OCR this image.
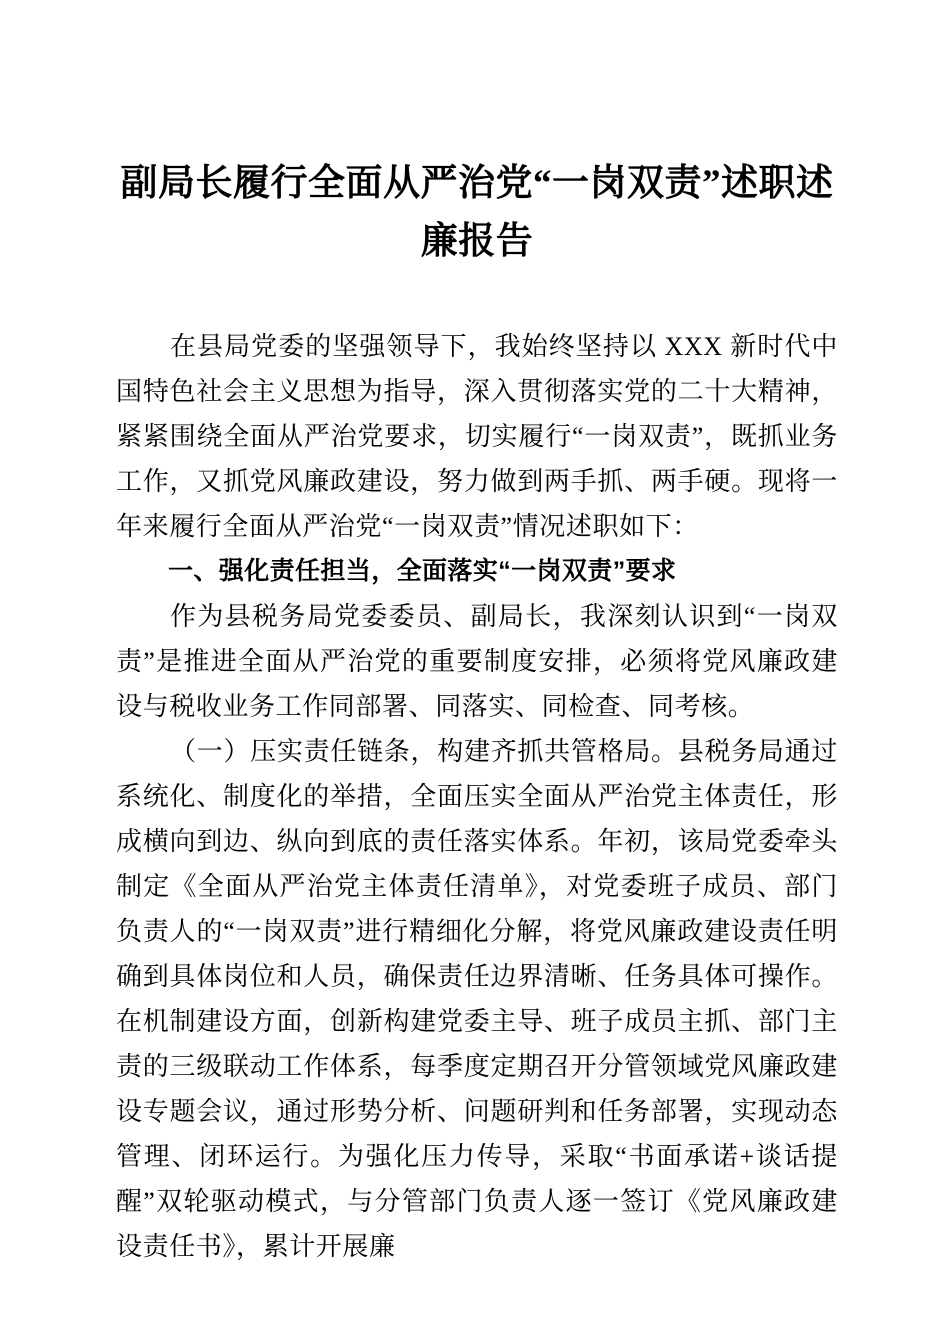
副局长履行全面从严治党“一岗双责”述职述廉报告

在县局党委的坚强领导下，我始终坚持以 XXX 新时代中国特色社会主义思想为指导，深入贯彻落实党的二十大精神，紧紧围绕全面从严治党要求，切实履行“一岗双责”，既抓业务工作，又抓党风廉政建设，努力做到两手抓、两手硬。现将一年来履行全面从严治党“一岗双责”情况述职如下：

一、强化责任担当，全面落实“一岗双责”要求

作为县税务局党委委员、副局长，我深刻认识到“一岗双责”是推进全面从严治党的重要制度安排，必须将党风廉政建设与税收业务工作同部署、同落实、同检查、同考核。

（一）压实责任链条，构建齐抓共管格局。县税务局通过系统化、制度化的举措，全面压实全面从严治党主体责任，形成横向到边、纵向到底的责任落实体系。年初，该局党委牵头制定《全面从严治党主体责任清单》，对党委班子成员、部门负责人的“一岗双责”进行精细化分解，将党风廉政建设责任明确到具体岗位和人员，确保责任边界清晰、任务具体可操作。在机制建设方面，创新构建党委主导、班子成员主抓、部门主责的三级联动工作体系，每季度定期召开分管领域党风廉政建设专题会议，通过形势分析、问题研判和任务部署，实现动态管理、闭环运行。为强化压力传导，采取“书面承诺+谈话提醒”双轮驱动模式，与分管部门负责人逐一签订《党风廉政建设责任书》，累计开展廉
